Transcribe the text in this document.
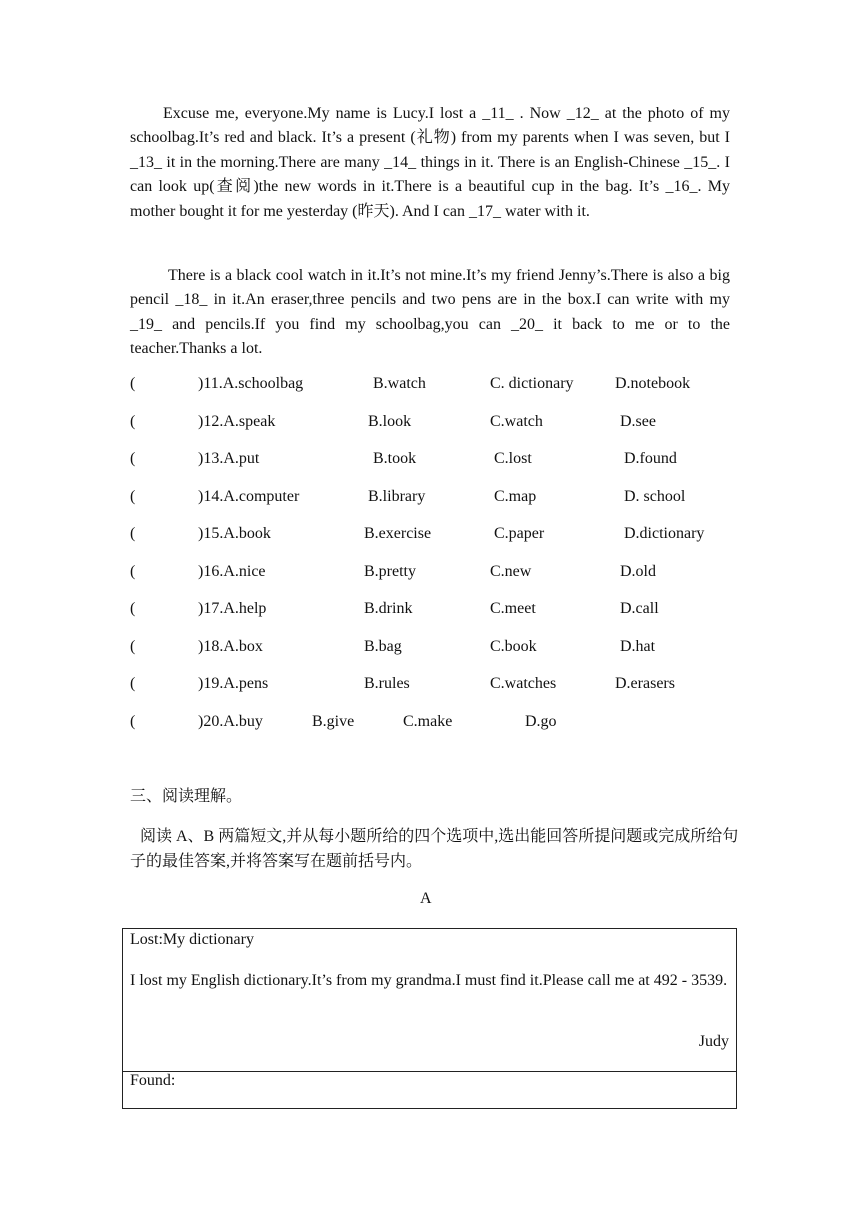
Excuse me, everyone.My name is Lucy.I lost a _11_ . Now _12_ at the photo of my schoolbag.It’s red and black. It’s a present (礼物) from my parents when I was seven, but I _13_ it in the morning.There are many _14_ things in it. There is an English-Chinese _15_. I can look up(查阅)the new words in it.There is a beautiful cup in the bag. It’s _16_. My mother bought it for me yesterday (昨天). And I can _17_ water with it.

There is a black cool watch in it.It’s not mine.It’s my friend Jenny’s.There is also a big pencil _18_ in it.An eraser,three pencils and two pens are in the box.I can write with my _19_ and pencils.If you find my schoolbag,you can _20_ it back to me or to the teacher.Thanks a lot.

(	)11.A.schoolbag	B.watch	C. dictionary	D.notebook
(	)12.A.speak	B.look	C.watch	D.see
(	)13.A.put	B.took	C.lost	D.found
(	)14.A.computer	B.library	C.map	D. school
(	)15.A.book	B.exercise	C.paper	D.dictionary
(	)16.A.nice	B.pretty	C.new	D.old
(	)17.A.help	B.drink	C.meet	D.call
(	)18.A.box	B.bag	C.book	D.hat
(	)19.A.pens	B.rules	C.watches	D.erasers
(	)20.A.buy	B.give	C.make	D.go
三、阅读理解。
阅读 A、B 两篇短文,并从每小题所给的四个选项中,选出能回答所提问题或完成所给句子的最佳答案,并将答案写在题前括号内。
A
Lost:My dictionary
I lost my English dictionary.It’s from my grandma.I must find it.Please call me at 492 - 3539.
Judy
Found:
